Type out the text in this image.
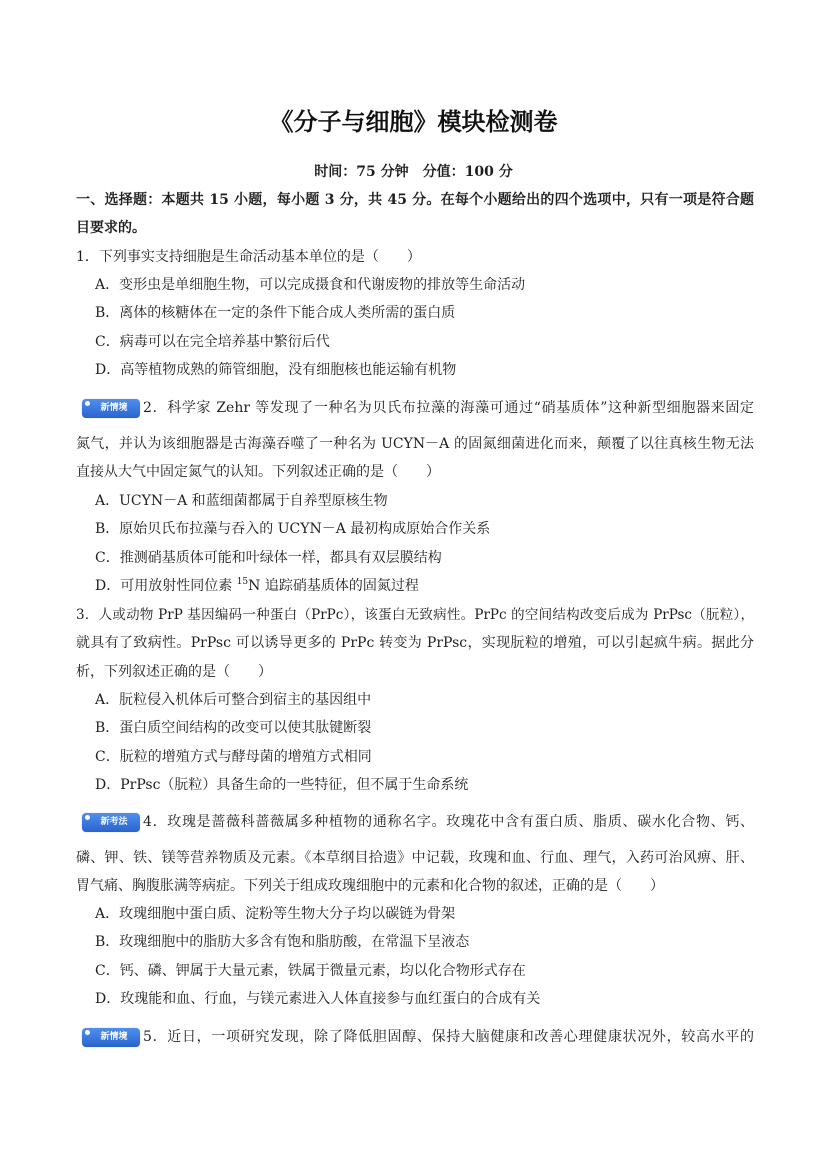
《分子与细胞》模块检测卷
时间：75 分钟　分值：100 分
一、选择题：本题共 15 小题，每小题 3 分，共 45 分。在每个小题给出的四个选项中，只有一项是符合题
目要求的。
1．下列事实支持细胞是生命活动基本单位的是（　　）
A．变形虫是单细胞生物，可以完成摄食和代谢废物的排放等生命活动
B．离体的核糖体在一定的条件下能合成人类所需的蛋白质
C．病毒可以在完全培养基中繁衍后代
D．高等植物成熟的筛管细胞，没有细胞核也能运输有机物
新情境	2．科学家 Zehr 等发现了一种名为贝氏布拉藻的海藻可通过“硝基质体”这种新型细胞器来固定
氮气，并认为该细胞器是古海藻吞噬了一种名为 UCYN－A 的固氮细菌进化而来，颠覆了以往真核生物无法
直接从大气中固定氮气的认知。下列叙述正确的是（　　）
A．UCYN－A 和蓝细菌都属于自养型原核生物
B．原始贝氏布拉藻与吞入的 UCYN－A 最初构成原始合作关系
C．推测硝基质体可能和叶绿体一样，都具有双层膜结构
D．可用放射性同位素 $^{15}$N 追踪硝基质体的固氮过程
3．人或动物 PrP 基因编码一种蛋白（PrPc），该蛋白无致病性。PrPc 的空间结构改变后成为 PrPsc（朊粒），
就具有了致病性。PrPsc 可以诱导更多的 PrPc 转变为 PrPsc，实现朊粒的增殖，可以引起疯牛病。据此分
析，下列叙述正确的是（　　）
A．朊粒侵入机体后可整合到宿主的基因组中
B．蛋白质空间结构的改变可以使其肽键断裂
C．朊粒的增殖方式与酵母菌的增殖方式相同
D．PrPsc（朊粒）具备生命的一些特征，但不属于生命系统
新考法	4．玫瑰是蔷薇科蔷薇属多种植物的通称名字。玫瑰花中含有蛋白质、脂质、碳水化合物、钙、
磷、钾、铁、镁等营养物质及元素。《本草纲目拾遗》中记载，玫瑰和血、行血、理气，入药可治风痹、肝、
胃气痛、胸腹胀满等病症。下列关于组成玫瑰细胞中的元素和化合物的叙述，正确的是（　　）
A．玫瑰细胞中蛋白质、淀粉等生物大分子均以碳链为骨架
B．玫瑰细胞中的脂肪大多含有饱和脂肪酸，在常温下呈液态
C．钙、磷、钾属于大量元素，铁属于微量元素，均以化合物形式存在
D．玫瑰能和血、行血，与镁元素进入人体直接参与血红蛋白的合成有关
新情境	5．近日，一项研究发现，除了降低胆固醇、保持大脑健康和改善心理健康状况外，较高水平的
